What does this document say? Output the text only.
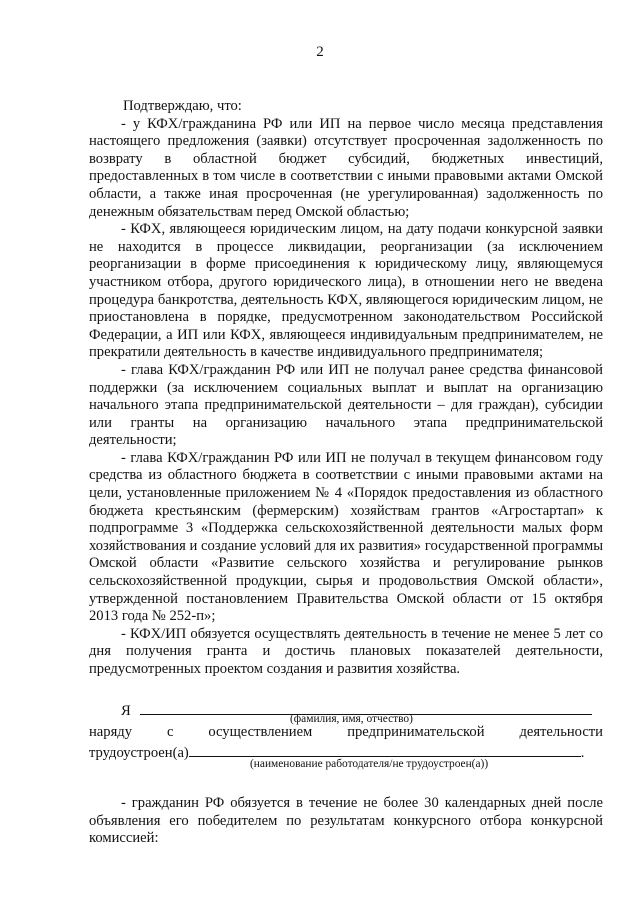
2

Подтверждаю, что:

- у КФХ/гражданина РФ или ИП на первое число месяца представления настоящего предложения (заявки) отсутствует просроченная задолженность по возврату в областной бюджет субсидий, бюджетных инвестиций, предоставленных в том числе в соответствии с иными правовыми актами Омской области, а также иная просроченная (не урегулированная) задолженность по денежным обязательствам перед Омской областью;

- КФХ, являющееся юридическим лицом, на дату подачи конкурсной заявки не находится в процессе ликвидации, реорганизации (за исключением реорганизации в форме присоединения к юридическому лицу, являющемуся участником отбора, другого юридического лица), в отношении него не введена процедура банкротства, деятельность КФХ, являющегося юридическим лицом, не приостановлена в порядке, предусмотренном законодательством Российской Федерации, а ИП или КФХ, являющееся индивидуальным предпринимателем, не прекратили деятельность в качестве индивидуального предпринимателя;

- глава КФХ/гражданин РФ или ИП не получал ранее средства финансовой поддержки (за исключением социальных выплат и выплат на организацию начального этапа предпринимательской деятельности – для граждан), субсидии или гранты на организацию начального этапа предпринимательской деятельности;

- глава КФХ/гражданин РФ или ИП не получал в текущем финансовом году средства из областного бюджета в соответствии с иными правовыми актами на цели, установленные приложением № 4 «Порядок предоставления из областного бюджета крестьянским (фермерским) хозяйствам грантов «Агростартап» к подпрограмме 3 «Поддержка сельскохозяйственной деятельности малых форм хозяйствования и создание условий для их развития» государственной программы Омской области «Развитие сельского хозяйства и регулирование рынков сельскохозяйственной продукции, сырья и продовольствия Омской области», утвержденной постановлением Правительства Омской области от 15 октября 2013 года № 252-п»;

- КФХ/ИП обязуется осуществлять деятельность в течение не менее 5 лет со дня получения гранта и достичь плановых показателей деятельности, предусмотренных проектом создания и развития хозяйства.

Я	(фамилия, имя, отчество)
наряду с осуществлением предпринимательской деятельности
трудоустроен(а)	.
(наименование работодателя/не трудоустроен(а))

- гражданин РФ обязуется в течение не более 30 календарных дней после объявления его победителем по результатам конкурсного отбора конкурсной комиссией:
